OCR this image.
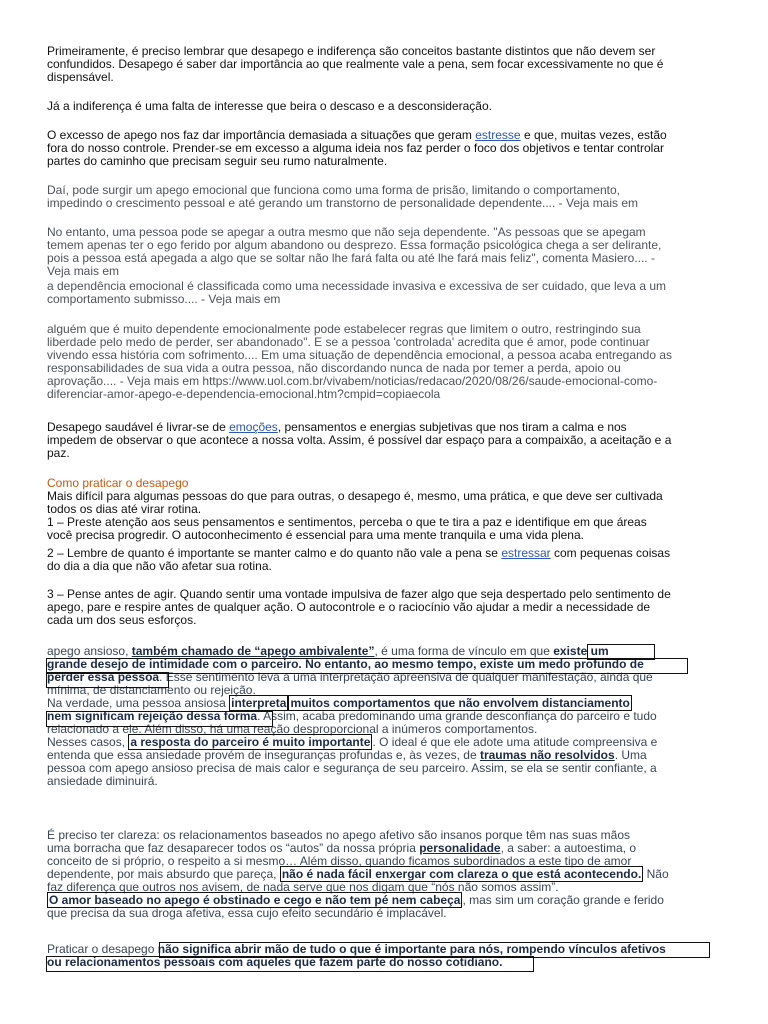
Primeiramente, é preciso lembrar que desapego e indiferença são conceitos bastante distintos que não devem ser
confundidos. Desapego é saber dar importância ao que realmente vale a pena, sem focar excessivamente no que é
dispensável.
Já a indiferença é uma falta de interesse que beira o descaso e a desconsideração.
O excesso de apego nos faz dar importância demasiada a situações que geram estresse e que, muitas vezes, estão
fora do nosso controle. Prender-se em excesso a alguma ideia nos faz perder o foco dos objetivos e tentar controlar
partes do caminho que precisam seguir seu rumo naturalmente.
Daí, pode surgir um apego emocional que funciona como uma forma de prisão, limitando o comportamento,
impedindo o crescimento pessoal e até gerando um transtorno de personalidade dependente.... - Veja mais em
No entanto, uma pessoa pode se apegar a outra mesmo que não seja dependente. "As pessoas que se apegam
temem apenas ter o ego ferido por algum abandono ou desprezo. Essa formação psicológica chega a ser delirante,
pois a pessoa está apegada a algo que se soltar não lhe fará falta ou até lhe fará mais feliz", comenta Masiero.... -
Veja mais em
a dependência emocional é classificada como uma necessidade invasiva e excessiva de ser cuidado, que leva a um
comportamento submisso.... - Veja mais em
alguém que é muito dependente emocionalmente pode estabelecer regras que limitem o outro, restringindo sua
liberdade pelo medo de perder, ser abandonado". E se a pessoa 'controlada' acredita que é amor, pode continuar
vivendo essa história com sofrimento.... Em uma situação de dependência emocional, a pessoa acaba entregando as
responsabilidades de sua vida a outra pessoa, não discordando nunca de nada por temer a perda, apoio ou
aprovação.... - Veja mais em https://www.uol.com.br/vivabem/noticias/redacao/2020/08/26/saude-emocional-como-
diferenciar-amor-apego-e-dependencia-emocional.htm?cmpid=copiaecola
Desapego saudável é livrar-se de emoções, pensamentos e energias subjetivas que nos tiram a calma e nos
impedem de observar o que acontece a nossa volta. Assim, é possível dar espaço para a compaixão, a aceitação e a
paz.
Como praticar o desapego
Mais difícil para algumas pessoas do que para outras, o desapego é, mesmo, uma prática, e que deve ser cultivada
todos os dias até virar rotina.
1 – Preste atenção aos seus pensamentos e sentimentos, perceba o que te tira a paz e identifique em que áreas
você precisa progredir. O autoconhecimento é essencial para uma mente tranquila e uma vida plena.
2 – Lembre de quanto é importante se manter calmo e do quanto não vale a pena se estressar com pequenas coisas
do dia a dia que não vão afetar sua rotina.
3 – Pense antes de agir. Quando sentir uma vontade impulsiva de fazer algo que seja despertado pelo sentimento de
apego, pare e respire antes de qualquer ação. O autocontrole e o raciocínio vão ajudar a medir a necessidade de
cada um dos seus esforços.
apego ansioso, também chamado de “apego ambivalente”, é uma forma de vínculo em que existe um
grande desejo de intimidade com o parceiro. No entanto, ao mesmo tempo, existe um medo profundo de
perder essa pessoa. Esse sentimento leva a uma interpretação apreensiva de qualquer manifestação, ainda que
mínima, de distanciamento ou rejeição.
Na verdade, uma pessoa ansiosa interpreta muitos comportamentos que não envolvem distanciamento
nem significam rejeição dessa forma. Assim, acaba predominando uma grande desconfiança do parceiro e tudo
relacionado a ele. Além disso, há uma reação desproporcional a inúmeros comportamentos.
Nesses casos, a resposta do parceiro é muito importante . O ideal é que ele adote uma atitude compreensiva e
entenda que essa ansiedade provém de inseguranças profundas e, às vezes, de traumas não resolvidos. Uma
pessoa com apego ansioso precisa de mais calor e segurança de seu parceiro. Assim, se ela se sentir confiante, a
ansiedade diminuirá.
É preciso ter clareza: os relacionamentos baseados no apego afetivo são insanos porque têm nas suas mãos
uma borracha que faz desaparecer todos os “autos” da nossa própria personalidade, a saber: a autoestima, o
conceito de si próprio, o respeito a si mesmo… Além disso, quando ficamos subordinados a este tipo de amor
dependente, por mais absurdo que pareça, não é nada fácil enxergar com clareza o que está acontecendo. Não
faz diferença que outros nos avisem, de nada serve que nos digam que “nós não somos assim”.
O amor baseado no apego é obstinado e cego e não tem pé nem cabeça , mas sim um coração grande e ferido
que precisa da sua droga afetiva, essa cujo efeito secundário é implacável.
Praticar o desapego não significa abrir mão de tudo o que é importante para nós, rompendo vínculos afetivos
ou relacionamentos pessoais com aqueles que fazem parte do nosso cotidiano.
